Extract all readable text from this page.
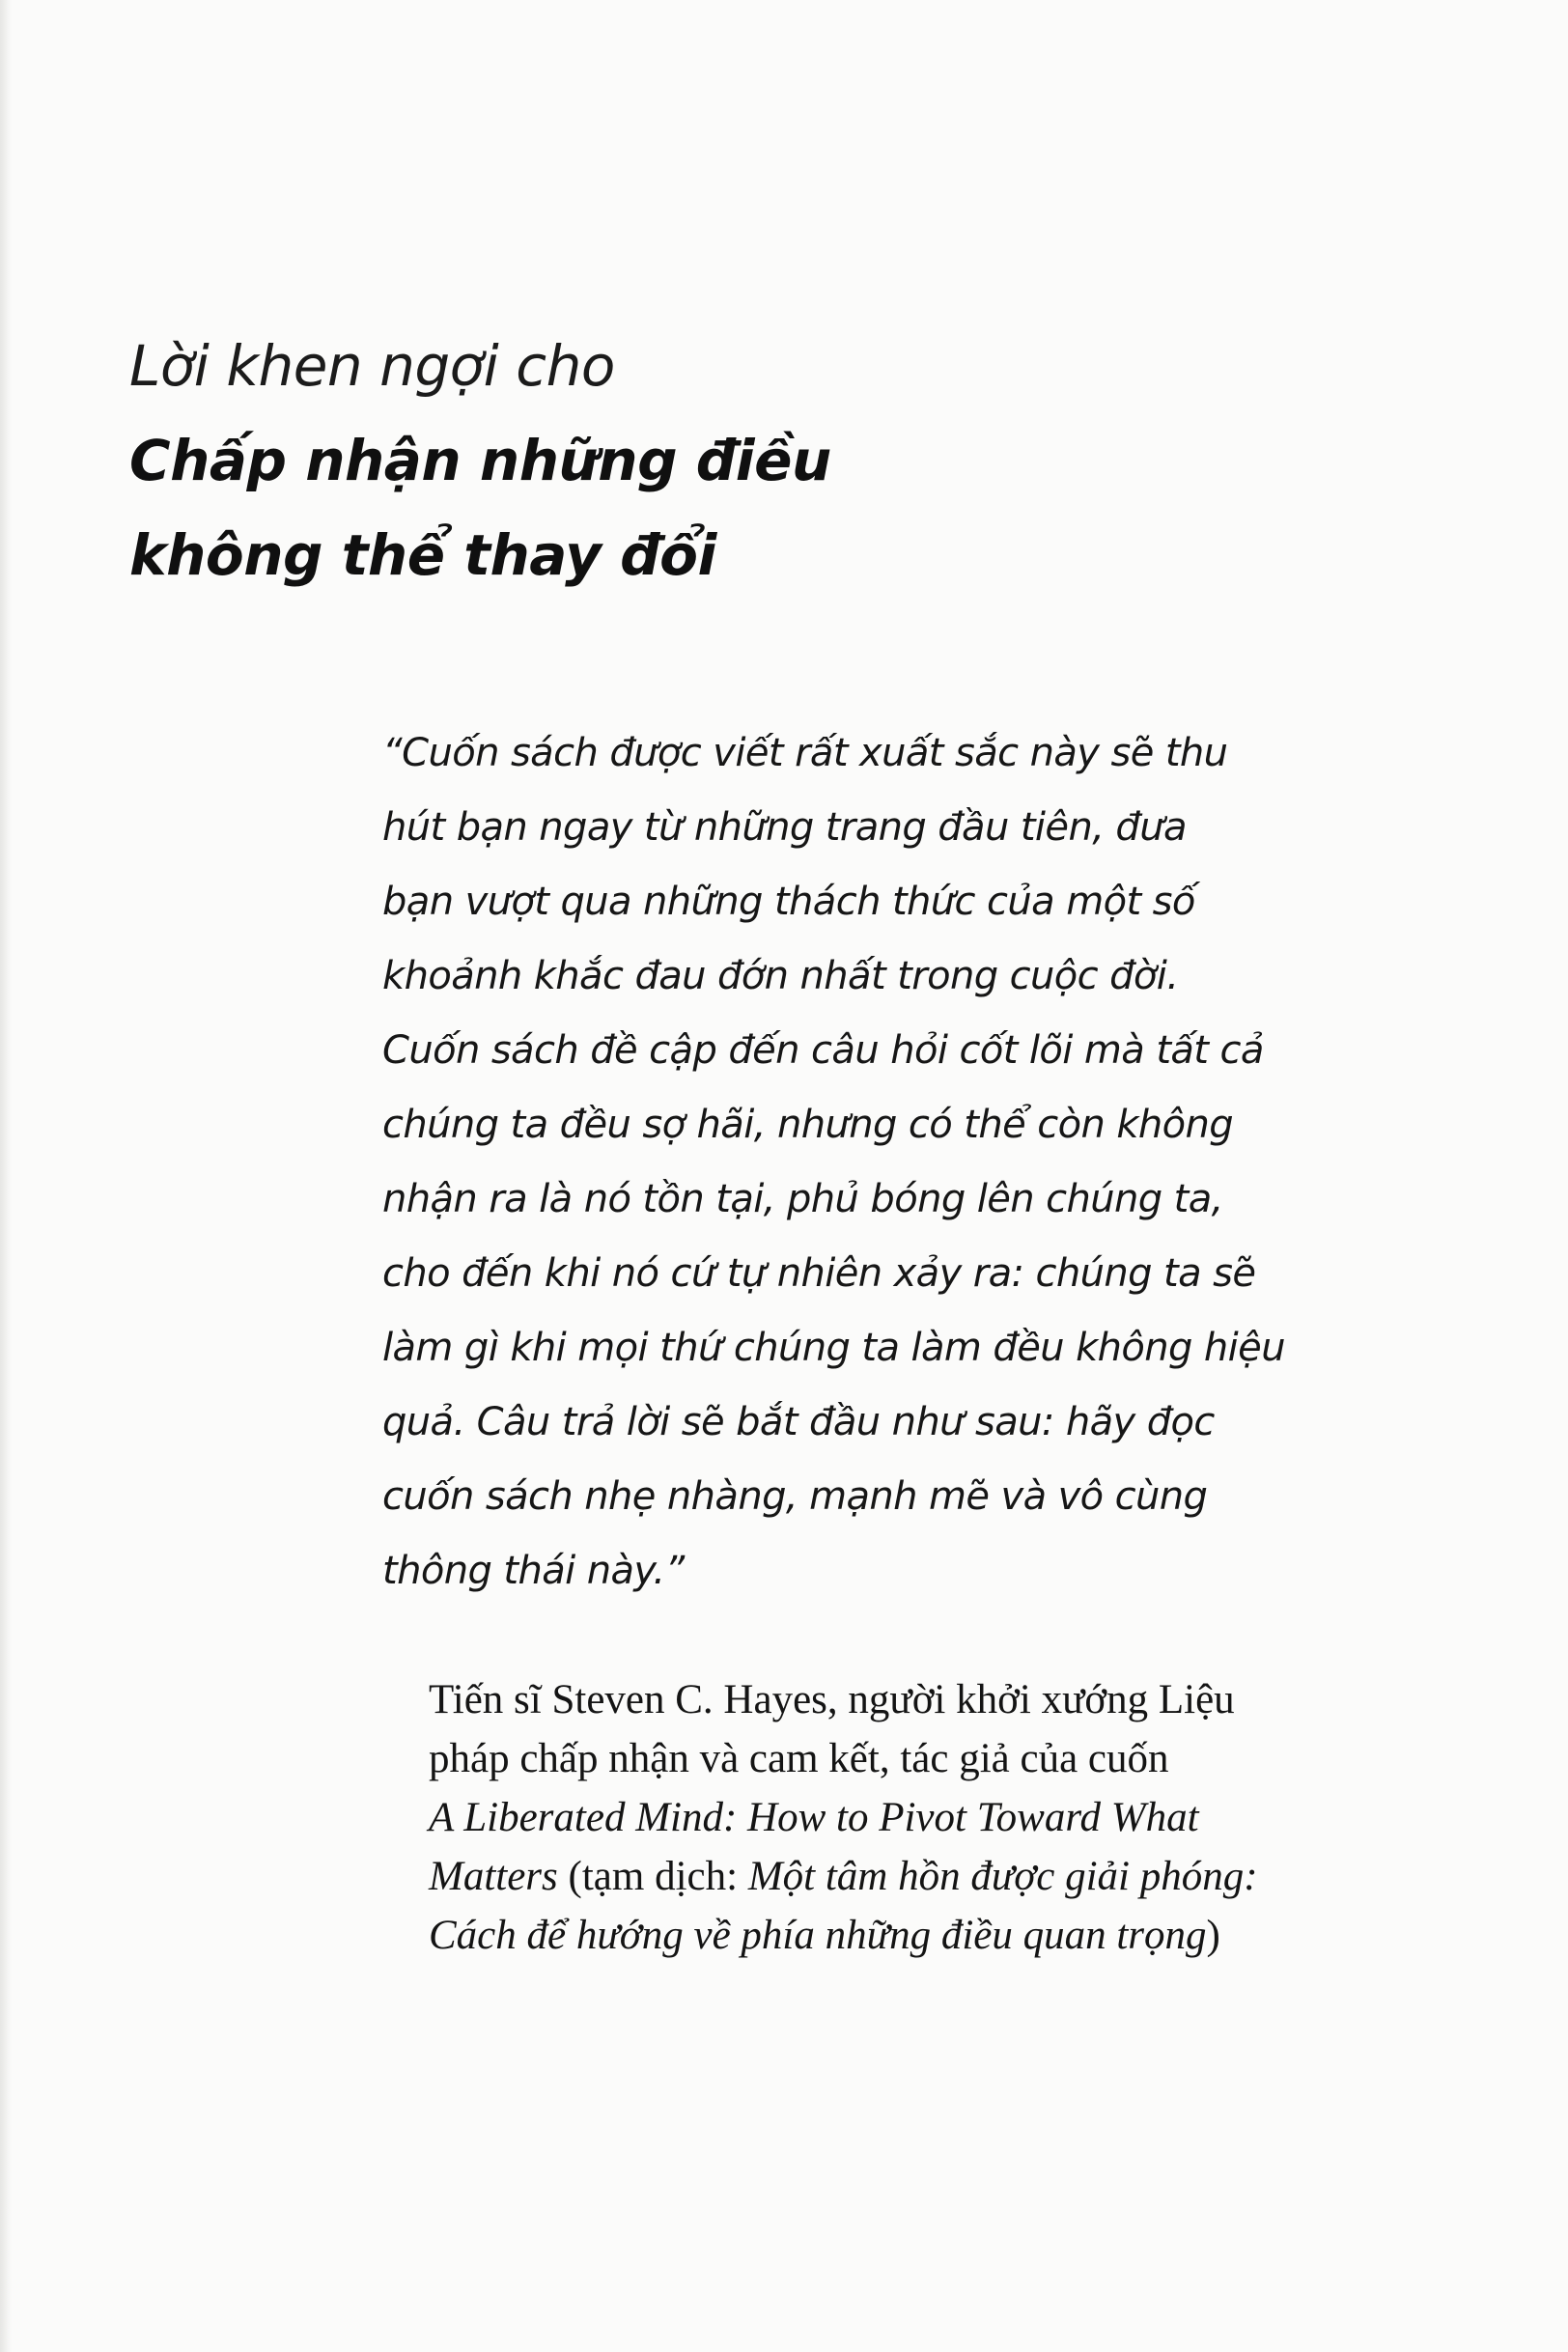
Lời khen ngợi cho
Chấp nhận những điều
không thể thay đổi
“Cuốn sách được viết rất xuất sắc này sẽ thu
hút bạn ngay từ những trang đầu tiên, đưa
bạn vượt qua những thách thức của một số
khoảnh khắc đau đớn nhất trong cuộc đời.
Cuốn sách đề cập đến câu hỏi cốt lõi mà tất cả
chúng ta đều sợ hãi, nhưng có thể còn không
nhận ra là nó tồn tại, phủ bóng lên chúng ta,
cho đến khi nó cứ tự nhiên xảy ra: chúng ta sẽ
làm gì khi mọi thứ chúng ta làm đều không hiệu
quả. Câu trả lời sẽ bắt đầu như sau: hãy đọc
cuốn sách nhẹ nhàng, mạnh mẽ và vô cùng
thông thái này.”
Tiến sĩ Steven C. Hayes, người khởi xướng Liệu
pháp chấp nhận và cam kết, tác giả của cuốn
A Liberated Mind: How to Pivot Toward What
Matters (tạm dịch: Một tâm hồn được giải phóng:
Cách để hướng về phía những điều quan trọng)
